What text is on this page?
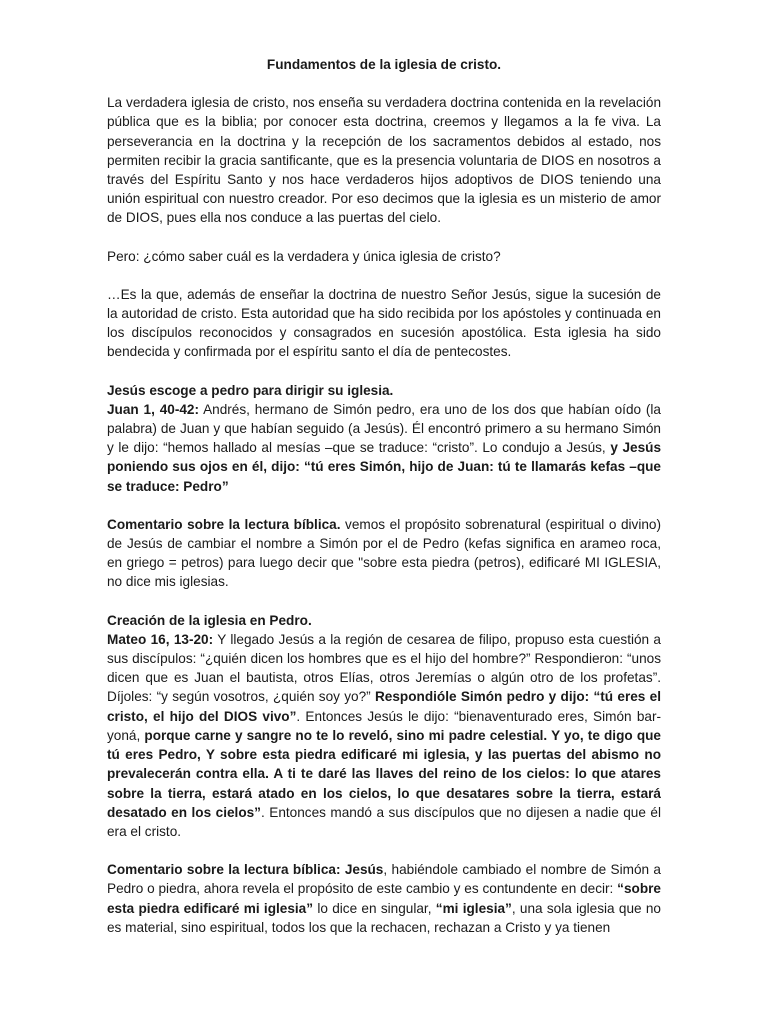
Fundamentos de la iglesia de cristo.

La verdadera iglesia de cristo, nos enseña su verdadera doctrina contenida en la revelación pública que es la biblia; por conocer esta doctrina, creemos y llegamos a la fe viva. La perseverancia en la doctrina y la recepción de los sacramentos debidos al estado, nos permiten recibir la gracia santificante, que es la presencia voluntaria de DIOS en nosotros a través del Espíritu Santo y nos hace verdaderos hijos adoptivos de DIOS teniendo una unión espiritual con nuestro creador. Por eso decimos que la iglesia es un misterio de amor de DIOS, pues ella nos conduce a las puertas del cielo.

Pero: ¿cómo saber cuál es la verdadera y única iglesia de cristo?

…Es la que, además de enseñar la doctrina de nuestro Señor Jesús, sigue la sucesión de la autoridad de cristo. Esta autoridad que ha sido recibida por los apóstoles y continuada en los discípulos reconocidos y consagrados en sucesión apostólica. Esta iglesia ha sido bendecida y confirmada por el espíritu santo el día de pentecostes.

Jesús escoge a pedro para dirigir su iglesia.

Juan 1, 40-42: Andrés, hermano de Simón pedro, era uno de los dos que habían oído (la palabra) de Juan y que habían seguido (a Jesús). Él encontró primero a su hermano Simón y le dijo: “hemos hallado al mesías –que se traduce: “cristo”. Lo condujo a Jesús, y Jesús poniendo sus ojos en él, dijo: “tú eres Simón, hijo de Juan: tú te llamarás kefas –que se traduce: Pedro”

Comentario sobre la lectura bíblica. vemos el propósito sobrenatural (espiritual o divino) de Jesús de cambiar el nombre a Simón por el de Pedro (kefas significa en arameo roca, en griego = petros) para luego decir que "sobre esta piedra (petros), edificaré MI IGLESIA, no dice mis iglesias.

Creación de la iglesia en Pedro.

Mateo 16, 13-20: Y llegado Jesús a la región de cesarea de filipo, propuso esta cuestión a sus discípulos: “¿quién dicen los hombres que es el hijo del hombre?” Respondieron: “unos dicen que es Juan el bautista, otros Elías, otros Jeremías o algún otro de los profetas”. Díjoles: “y según vosotros, ¿quién soy yo?” Respondióle Simón pedro y dijo: “tú eres el cristo, el hijo del DIOS vivo”. Entonces Jesús le dijo: “bienaventurado eres, Simón bar-yoná, porque carne y sangre no te lo reveló, sino mi padre celestial. Y yo, te digo que tú eres Pedro, Y sobre esta piedra edificaré mi iglesia, y las puertas del abismo no prevalecerán contra ella. A ti te daré las llaves del reino de los cielos: lo que atares sobre la tierra, estará atado en los cielos, lo que desatares sobre la tierra, estará desatado en los cielos”. Entonces mandó a sus discípulos que no dijesen a nadie que él era el cristo.

Comentario sobre la lectura bíblica: Jesús, habiéndole cambiado el nombre de Simón a Pedro o piedra, ahora revela el propósito de este cambio y es contundente en decir: “sobre esta piedra edificaré mi iglesia” lo dice en singular, “mi iglesia”, una sola iglesia que no es material, sino espiritual, todos los que la rechacen, rechazan a Cristo y ya tienen
